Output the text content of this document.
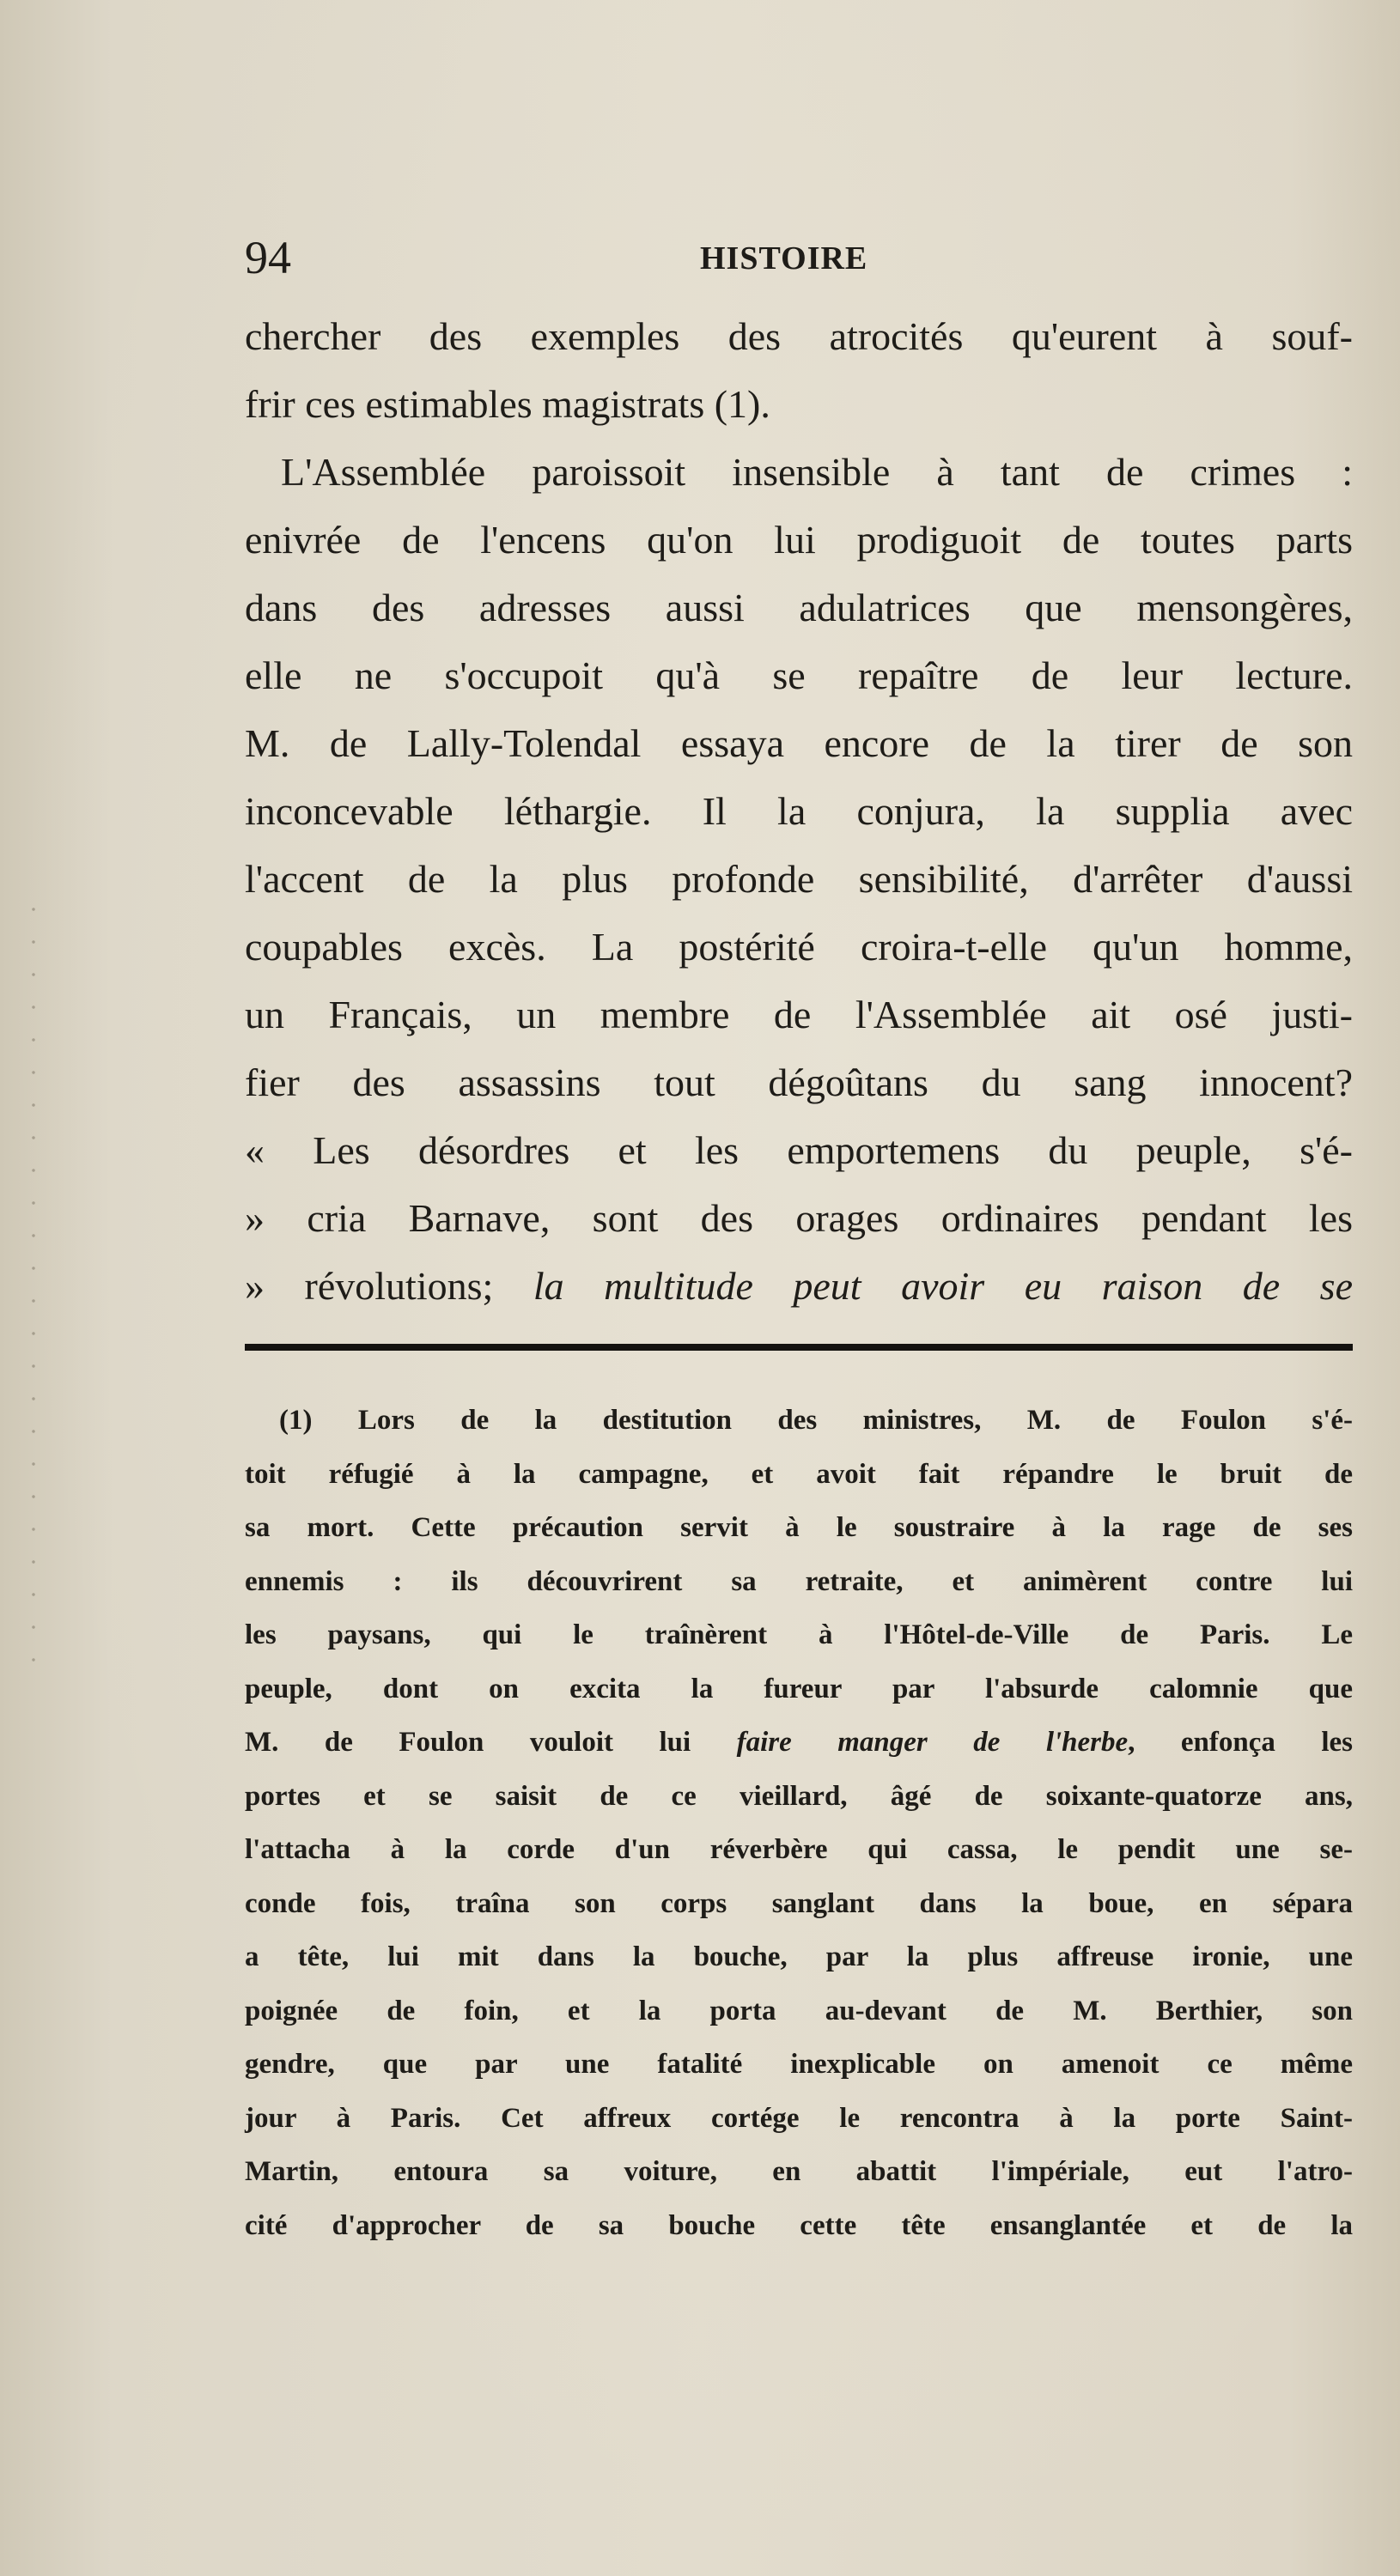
94	HISTOIRE
chercher des exemples des atrocités qu'eurent à souf-
frir ces estimables magistrats (1).
L'Assemblée paroissoit insensible à tant de crimes :
enivrée de l'encens qu'on lui prodiguoit de toutes parts
dans des adresses aussi adulatrices que mensongères,
elle ne s'occupoit qu'à se repaître de leur lecture.
M. de Lally-Tolendal essaya encore de la tirer de son
inconcevable léthargie. Il la conjura, la supplia avec
l'accent de la plus profonde sensibilité, d'arrêter d'aussi
coupables excès. La postérité croira-t-elle qu'un homme,
un Français, un membre de l'Assemblée ait osé justi-
fier des assassins tout dégoûtans du sang innocent?
« Les désordres et les emportemens du peuple, s'é-
» cria Barnave, sont des orages ordinaires pendant les
» révolutions; la multitude peut avoir eu raison de se
(1) Lors de la destitution des ministres, M. de Foulon s'é-
toit réfugié à la campagne, et avoit fait répandre le bruit de
sa mort. Cette précaution servit à le soustraire à la rage de ses
ennemis : ils découvrirent sa retraite, et animèrent contre lui
les paysans, qui le traînèrent à l'Hôtel-de-Ville de Paris. Le
peuple, dont on excita la fureur par l'absurde calomnie que
M. de Foulon vouloit lui faire manger de l'herbe, enfonça les
portes et se saisit de ce vieillard, âgé de soixante-quatorze ans,
l'attacha à la corde d'un réverbère qui cassa, le pendit une se-
conde fois, traîna son corps sanglant dans la boue, en sépara
a tête, lui mit dans la bouche, par la plus affreuse ironie, une
poignée de foin, et la porta au-devant de M. Berthier, son
gendre, que par une fatalité inexplicable on amenoit ce même
jour à Paris. Cet affreux cortége le rencontra à la porte Saint-
Martin, entoura sa voiture, en abattit l'impériale, eut l'atro-
cité d'approcher de sa bouche cette tête ensanglantée et de la
